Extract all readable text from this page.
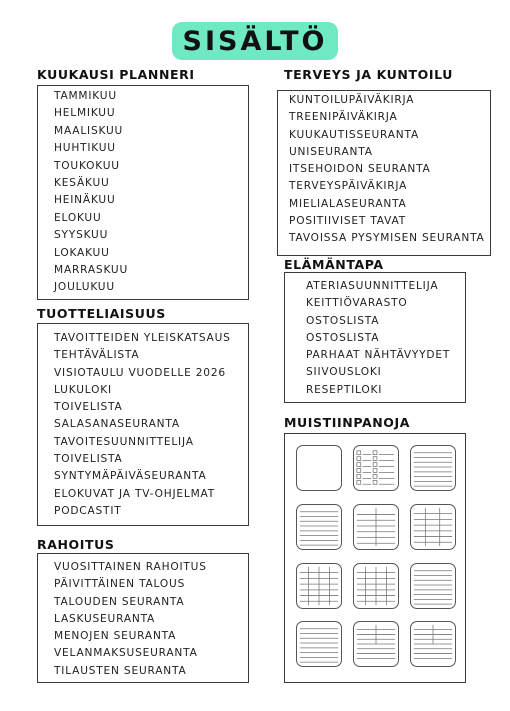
SISÄLTÖ
KUUKAUSI PLANNERI
TAMMIKUU
HELMIKUU
MAALISKUU
HUHTIKUU
TOUKOKUU
KESÄKUU
HEINÄKUU
ELOKUU
SYYSKUU
LOKAKUU
MARRASKUU
JOULUKUU
TUOTTELIAISUUS
TAVOITTEIDEN YLEISKATSAUS
TEHTÄVÄLISTA
VISIOTAULU VUODELLE 2026
LUKULOKI
TOIVELISTA
SALASANASEURANTA
TAVOITESUUNNITTELIJA
TOIVELISTA
SYNTYMÄPÄIVÄSEURANTA
ELOKUVAT JA TV-OHJELMAT
PODCASTIT
RAHOITUS
VUOSITTAINEN RAHOITUS
PÄIVITTÄINEN TALOUS
TALOUDEN SEURANTA
LASKUSEURANTA
MENOJEN SEURANTA
VELANMAKSUSEURANTA
TILAUSTEN SEURANTA
TERVEYS JA KUNTOILU
KUNTOILUPÄIVÄKIRJA
TREENIPÄIVÄKIRJA
KUUKAUTISSEURANTA
UNISEURANTA
ITSEHOIDON SEURANTA
TERVEYSPÄIVÄKIRJA
MIELIALASEURANTA
POSITIIVISET TAVAT
TAVOISSA PYSYMISEN SEURANTA
ELÄMÄNTAPA
ATERIASUUNNITTELIJA
KEITTIÖVARASTO
OSTOSLISTA
OSTOSLISTA
PARHAAT NÄHTÄVYYDET
SIIVOUSLOKI
RESEPTILOKI
MUISTIINPANOJA
